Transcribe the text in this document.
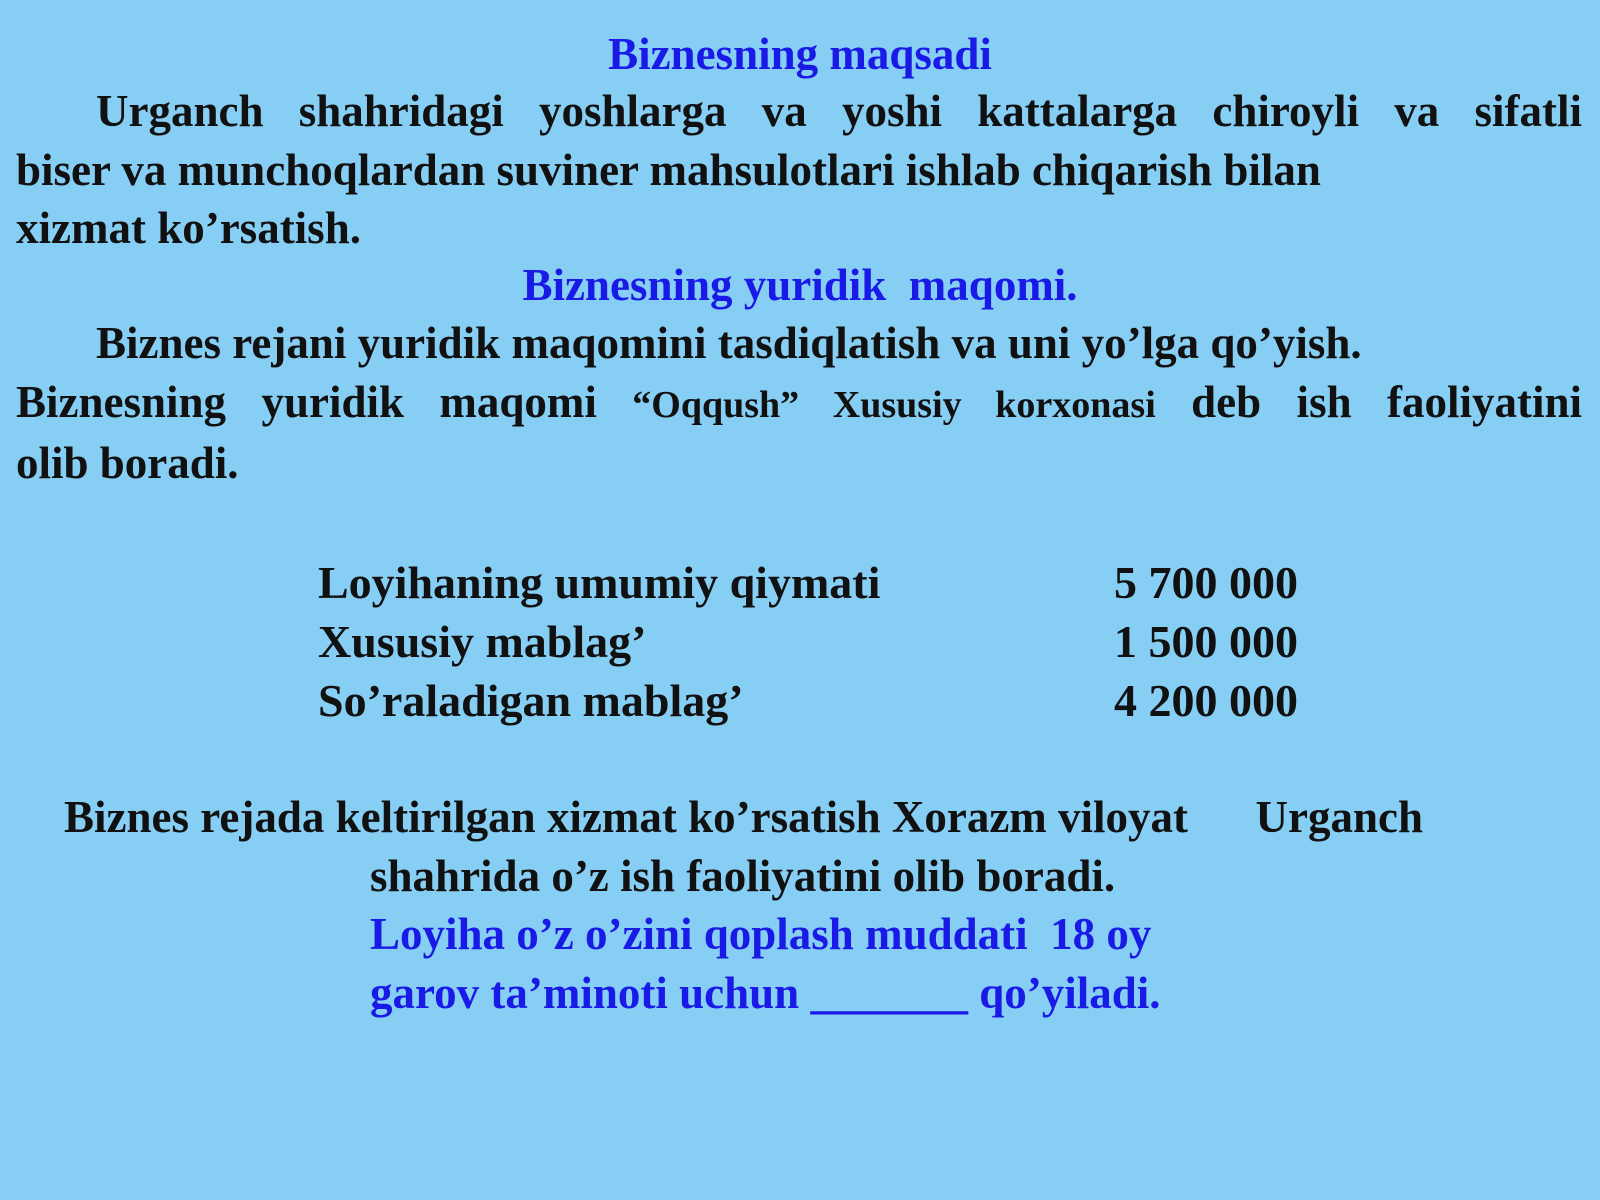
Biznesning maqsadi
Urganch shahridagi yoshlarga va yoshi kattalarga chiroyli va sifatli
biser va munchoqlardan suviner mahsulotlari ishlab chiqarish bilan
xizmat ko’rsatish.
Biznesning yuridik  maqomi.
Biznes rejani yuridik maqomini tasdiqlatish va uni yo’lga qo’yish.
Biznesning yuridik maqomi “Oqqush” Xususiy korxonasi deb ish faoliyatini
olib boradi.
Loyihaning umumiy qiymati	5 700 000
Xususiy mablag’	1 500 000
So’raladigan mablag’	4 200 000
Biznes rejada keltirilgan xizmat ko’rsatish Xorazm viloyat      Urganch
shahrida o’z ish faoliyatini olib boradi.
Loyiha o’z o’zini qoplash muddati  18 oy
garov ta’minoti uchun _______ qo’yiladi.
